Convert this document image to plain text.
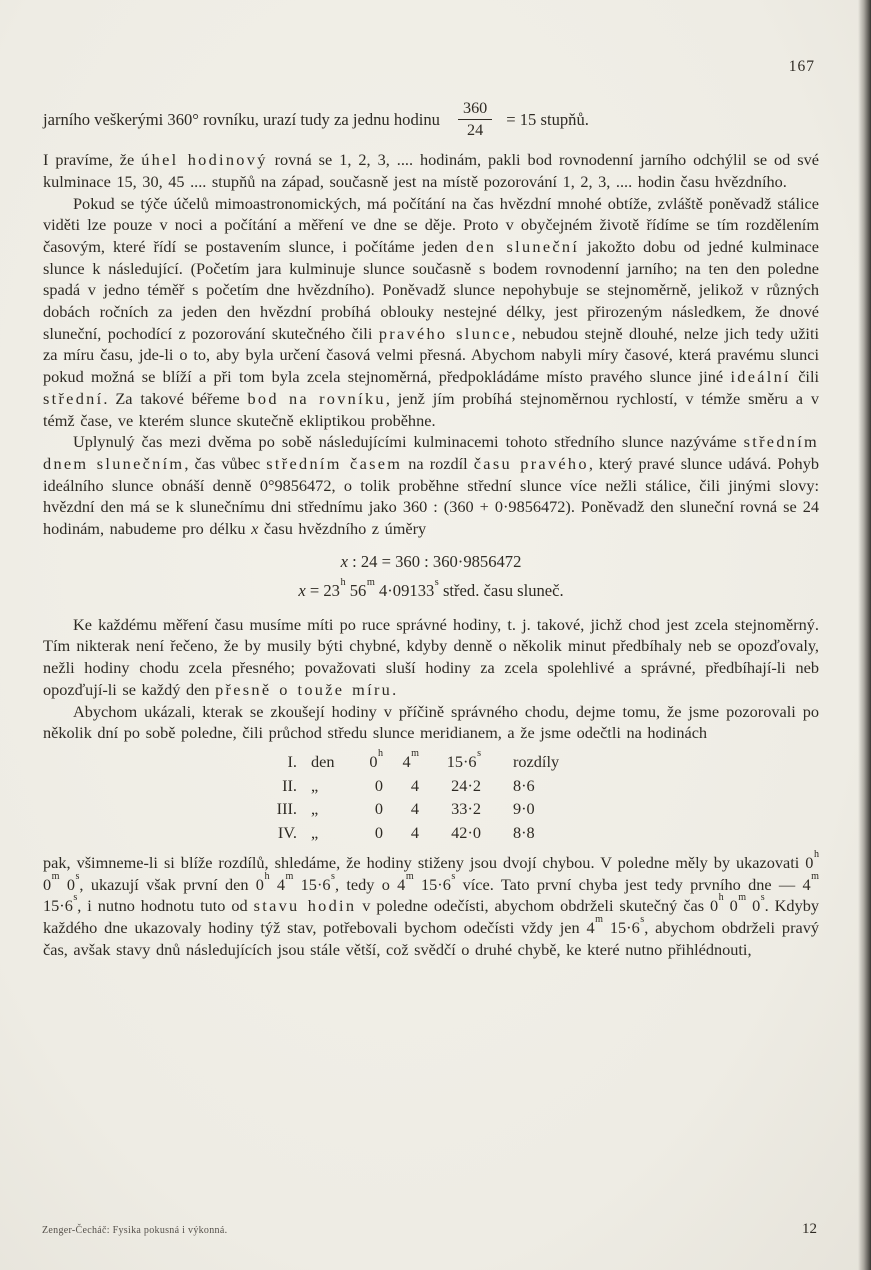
167
jarního veškerými 360° rovníku, urazí tudy za jednu hodinu $\frac{360}{24} = 15$ stupňů.

I pravíme, že úhel hodinový rovná se 1, 2, 3, .... hodinám, pakli bod rovnodenní jarního odchýlil se od své kulminace 15, 30, 45 .... stupňů na západ, současně jest na místě pozorování 1, 2, 3, .... hodin času hvězdního.

Pokud se týče účelů mimoastronomických, má počítání na čas hvězdní mnohé obtíže, zvláště poněvadž stálice viděti lze pouze v noci a počítání a měření ve dne se děje. Proto v obyčejném životě řídíme se tím rozdělením časovým, které řídí se postavením slunce, i počítáme jeden den sluneční jakožto dobu od jedné kulminace slunce k následující. (Početím jara kulminuje slunce současně s bodem rovnodenní jarního; na ten den poledne spadá v jedno téměř s početím dne hvězdního). Poněvadž slunce nepohybuje se stejnoměrně, jelikož v různých dobách ročních za jeden den hvězdní probíhá oblouky nestejné délky, jest přirozeným následkem, že dnové sluneční, pochodící z pozorování skutečného čili pravého slunce, nebudou stejně dlouhé, nelze jich tedy užiti za míru času, jde-li o to, aby byla určení časová velmi přesná. Abychom nabyli míry časové, která pravému slunci pokud možná se blíží a při tom byla zcela stejnoměrná, předpokládáme místo pravého slunce jiné ideální čili střední. Za takové béřeme bod na rovníku, jenž jím probíhá stejnoměrnou rychlostí, v témže směru a v témž čase, ve kterém slunce skutečně ekliptikou proběhne.

Uplynulý čas mezi dvěma po sobě následujícími kulminacemi tohoto středního slunce nazýváme středním dnem slunečním, čas vůbec středním časem na rozdíl času pravého, který pravé slunce udává. Pohyb ideálního slunce obnáší denně 0°9856472, o tolik proběhne střední slunce více nežli stálice, čili jinými slovy: hvězdní den má se k slunečnímu dni střednímu jako 360 : (360 + 0·9856472). Poněvadž den sluneční rovná se 24 hodinám, nabudeme pro délku x času hvězdního z úměry

x : 24 = 360 : 360·9856472
$x = 23^h$ 56$^m$ $4\cdot 09133^s$ střed. času sluneč.

Ke každému měření času musíme míti po ruce správné hodiny, t. j. takové, jichž chod jest zcela stejnoměrný. Tím nikterak není řečeno, že by musily býti chybné, kdyby denně o několik minut předbíhaly neb se opozďovaly, nežli hodiny chodu zcela přesného; považovati sluší hodiny za zcela spolehlivé a správné, předbíhají-li neb opozďují-li se každý den přesně o touže míru.

Abychom ukázali, kterak se zkoušejí hodiny v příčině správného chodu, dejme tomu, že jsme pozorovali po několik dní po sobě poledne, čili průchod středu slunce meridianem, a že jsme odečtli na hodinách

I. den	0$^h$	4$^m$	$15\cdot 6^s$	rozdíly
II. „	0	4	24·2	8·6
III. „	0	4	33·2	9·0
IV. „	0	4	42·0	8·8

pak, všimneme-li si blíže rozdílů, shledáme, že hodiny stiženy jsou dvojí chybou. V poledne měly by ukazovati 0$^h$ 0$^m$ 0$^s$, ukazují však první den 0$^h$ 4$^m$ $15\cdot 6^s$, tedy o 4$^m$ $15\cdot 6^s$ více. Tato první chyba jest tedy prvního dne — 4$^m$ $15\cdot 6^s$, i nutno hodnotu tuto od stavu hodin v poledne odečísti, abychom obdrželi skutečný čas 0$^h$ 0$^m$ 0$^s$. Kdyby každého dne ukazovaly hodiny týž stav, potřebovali bychom odečísti vždy jen 4$^m$ $15\cdot 6^s$, abychom obdrželi pravý čas, avšak stavy dnů následujících jsou stále větší, což svědčí o druhé chybě, ke které nutno přihlédnouti,

Zenger-Čecháč: Fysika pokusná i výkonná.	12
